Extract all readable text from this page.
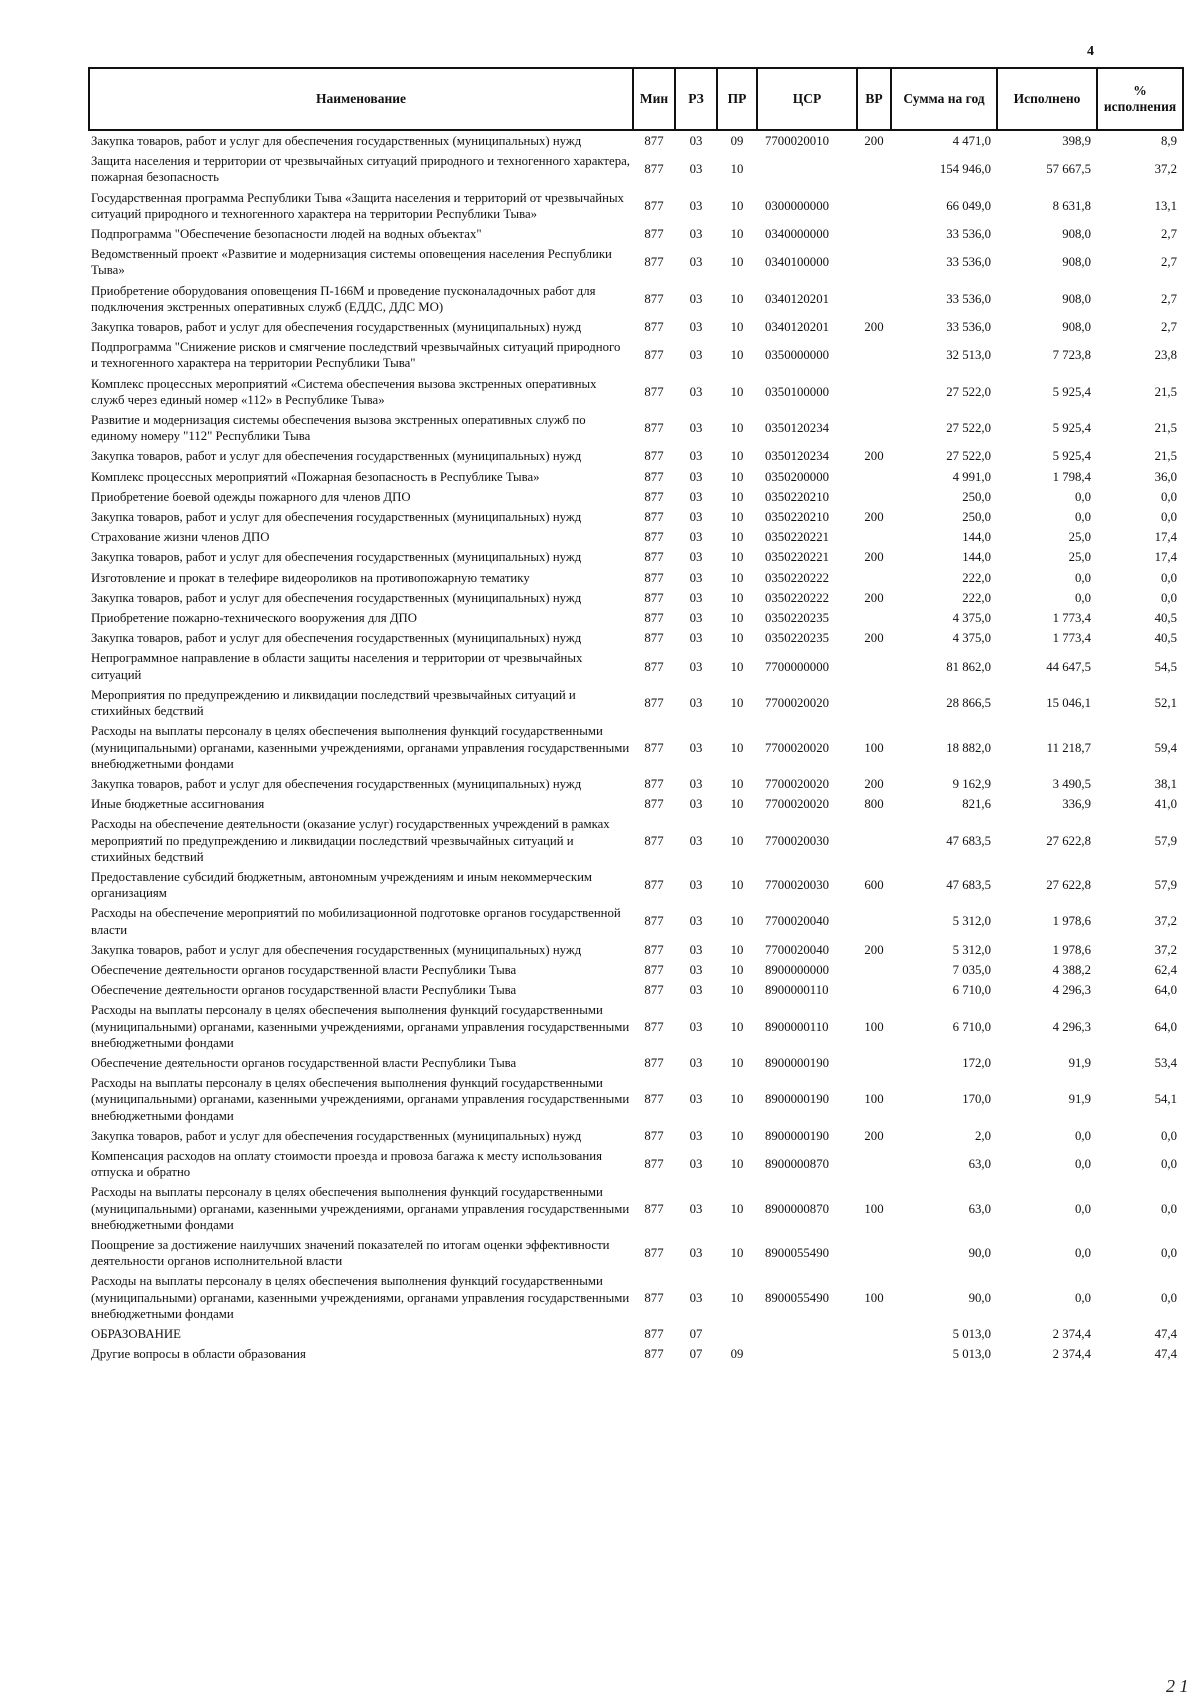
4
Наименование	Мин	РЗ	ПР	ЦСР	ВР	Сумма на год	Исполнено	% исполнения
Закупка товаров, работ и услуг для обеспечения государственных (муниципальных) нужд	877	03	09	7700020010	200	4 471,0	398,9	8,9
Защита населения и территории от чрезвычайных ситуаций природного и техногенного характера, пожарная безопасность	877	03	10			154 946,0	57 667,5	37,2
Государственная программа Республики Тыва «Защита населения и территорий от чрезвычайных ситуаций природного и техногенного характера на территории Республики Тыва»	877	03	10	0300000000		66 049,0	8 631,8	13,1
Подпрограмма "Обеспечение безопасности людей на водных объектах"	877	03	10	0340000000		33 536,0	908,0	2,7
Ведомственный проект «Развитие и модернизация системы оповещения населения Республики Тыва»	877	03	10	0340100000		33 536,0	908,0	2,7
Приобретение оборудования оповещения П-166М и проведение пусконаладочных работ для подключения экстренных оперативных служб (ЕДДС, ДДС МО)	877	03	10	0340120201		33 536,0	908,0	2,7
Закупка товаров, работ и услуг для обеспечения государственных (муниципальных) нужд	877	03	10	0340120201	200	33 536,0	908,0	2,7
Подпрограмма "Снижение рисков и смягчение последствий чрезвычайных ситуаций природного и техногенного характера на территории Республики Тыва"	877	03	10	0350000000		32 513,0	7 723,8	23,8
Комплекс процессных мероприятий «Система обеспечения вызова экстренных оперативных служб через единый номер «112» в Республике Тыва»	877	03	10	0350100000		27 522,0	5 925,4	21,5
Развитие и модернизация системы обеспечения вызова экстренных оперативных служб по единому номеру "112" Республики Тыва	877	03	10	0350120234		27 522,0	5 925,4	21,5
Закупка товаров, работ и услуг для обеспечения государственных (муниципальных) нужд	877	03	10	0350120234	200	27 522,0	5 925,4	21,5
Комплекс процессных мероприятий «Пожарная безопасность в Республике Тыва»	877	03	10	0350200000		4 991,0	1 798,4	36,0
Приобретение боевой одежды пожарного для членов ДПО	877	03	10	0350220210		250,0	0,0	0,0
Закупка товаров, работ и услуг для обеспечения государственных (муниципальных) нужд	877	03	10	0350220210	200	250,0	0,0	0,0
Страхование жизни членов ДПО	877	03	10	0350220221		144,0	25,0	17,4
Закупка товаров, работ и услуг для обеспечения государственных (муниципальных) нужд	877	03	10	0350220221	200	144,0	25,0	17,4
Изготовление и прокат в телефире видеороликов на противопожарную тематику	877	03	10	0350220222		222,0	0,0	0,0
Закупка товаров, работ и услуг для обеспечения государственных (муниципальных) нужд	877	03	10	0350220222	200	222,0	0,0	0,0
Приобретение пожарно-технического вооружения для ДПО	877	03	10	0350220235		4 375,0	1 773,4	40,5
Закупка товаров, работ и услуг для обеспечения государственных (муниципальных) нужд	877	03	10	0350220235	200	4 375,0	1 773,4	40,5
Непрограммное направление в области защиты населения и территории от чрезвычайных ситуаций	877	03	10	7700000000		81 862,0	44 647,5	54,5
Мероприятия по предупреждению и ликвидации последствий чрезвычайных ситуаций и стихийных бедствий	877	03	10	7700020020		28 866,5	15 046,1	52,1
Расходы на выплаты персоналу в целях обеспечения выполнения функций государственными (муниципальными) органами, казенными учреждениями, органами управления государственными внебюджетными фондами	877	03	10	7700020020	100	18 882,0	11 218,7	59,4
Закупка товаров, работ и услуг для обеспечения государственных (муниципальных) нужд	877	03	10	7700020020	200	9 162,9	3 490,5	38,1
Иные бюджетные ассигнования	877	03	10	7700020020	800	821,6	336,9	41,0
Расходы на обеспечение деятельности (оказание услуг) государственных учреждений в рамках мероприятий по предупреждению и ликвидации последствий чрезвычайных ситуаций и стихийных бедствий	877	03	10	7700020030		47 683,5	27 622,8	57,9
Предоставление субсидий бюджетным, автономным учреждениям и иным некоммерческим организациям	877	03	10	7700020030	600	47 683,5	27 622,8	57,9
Расходы на обеспечение мероприятий по мобилизационной подготовке органов государственной власти	877	03	10	7700020040		5 312,0	1 978,6	37,2
Закупка товаров, работ и услуг для обеспечения государственных (муниципальных) нужд	877	03	10	7700020040	200	5 312,0	1 978,6	37,2
Обеспечение деятельности органов государственной власти Республики Тыва	877	03	10	8900000000		7 035,0	4 388,2	62,4
Обеспечение деятельности органов государственной власти Республики Тыва	877	03	10	8900000110		6 710,0	4 296,3	64,0
Расходы на выплаты персоналу в целях обеспечения выполнения функций государственными (муниципальными) органами, казенными учреждениями, органами управления государственными внебюджетными фондами	877	03	10	8900000110	100	6 710,0	4 296,3	64,0
Обеспечение деятельности органов государственной власти Республики Тыва	877	03	10	8900000190		172,0	91,9	53,4
Расходы на выплаты персоналу в целях обеспечения выполнения функций государственными (муниципальными) органами, казенными учреждениями, органами управления государственными внебюджетными фондами	877	03	10	8900000190	100	170,0	91,9	54,1
Закупка товаров, работ и услуг для обеспечения государственных (муниципальных) нужд	877	03	10	8900000190	200	2,0	0,0	0,0
Компенсация расходов на оплату стоимости проезда и провоза багажа к месту использования отпуска и обратно	877	03	10	8900000870		63,0	0,0	0,0
Расходы на выплаты персоналу в целях обеспечения выполнения функций государственными (муниципальными) органами, казенными учреждениями, органами управления государственными внебюджетными фондами	877	03	10	8900000870	100	63,0	0,0	0,0
Поощрение за достижение наилучших значений показателей по итогам оценки эффективности деятельности органов исполнительной власти	877	03	10	8900055490		90,0	0,0	0,0
Расходы на выплаты персоналу в целях обеспечения выполнения функций государственными (муниципальными) органами, казенными учреждениями, органами управления государственными внебюджетными фондами	877	03	10	8900055490	100	90,0	0,0	0,0
ОБРАЗОВАНИЕ	877	07				5 013,0	2 374,4	47,4
Другие вопросы в области образования	877	07	09			5 013,0	2 374,4	47,4
2 1
